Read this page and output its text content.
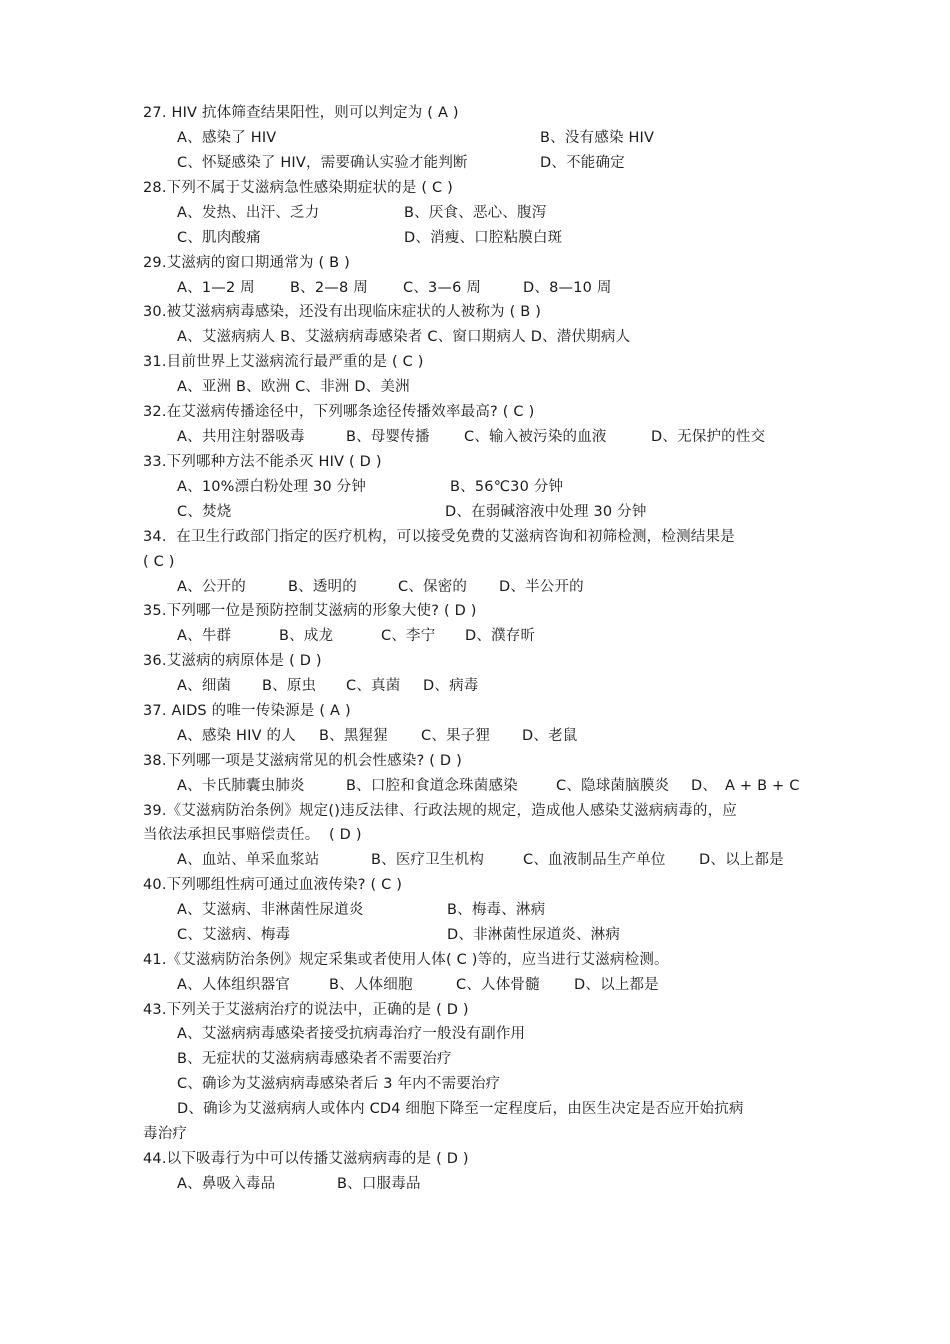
27. HIV 抗体筛查结果阳性，则可以判定为 ( A )
A、感染了 HIV	B、没有感染 HIV
C、怀疑感染了 HIV，需要确认实验才能判断	D、不能确定
28.下列不属于艾滋病急性感染期症状的是 ( C )
A、发热、出汗、乏力	B、厌食、恶心、腹泻
C、肌肉酸痛	D、消瘦、口腔粘膜白斑
29.艾滋病的窗口期通常为 ( B )
A、1—2 周 B、2—8 周 C、3—6 周	D、8—10 周
30.被艾滋病病毒感染，还没有出现临床症状的人被称为 ( B )
A、艾滋病病人 B、艾滋病病毒感染者 C、窗口期病人 D、潜伏期病人
31.目前世界上艾滋病流行最严重的是 ( C )
A、亚洲 B、欧洲 C、非洲 D、美洲
32.在艾滋病传播途径中，下列哪条途径传播效率最高? ( C )
A、共用注射器吸毒	B、母婴传播 C、输入被污染的血液	D、无保护的性交
33.下列哪种方法不能杀灭 HIV ( D )
A、10%漂白粉处理 30 分钟	B、56℃30 分钟
C、焚烧	D、在弱碱溶液中处理 30 分钟
34.  在卫生行政部门指定的医疗机构，可以接受免费的艾滋病咨询和初筛检测，检测结果是
( C )
A、公开的	B、透明的	C、保密的 D、半公开的
35.下列哪一位是预防控制艾滋病的形象大使? ( D )
A、牛群	B、成龙	C、李宁 D、濮存昕
36.艾滋病的病原体是 ( D )
A、细菌 B、原虫 C、真菌 D、病毒
37. AIDS 的唯一传染源是 ( A )
A、感染 HIV 的人 B、黑猩猩 C、果子狸 D、老鼠
38.下列哪一项是艾滋病常见的机会性感染? ( D )
A、卡氏肺囊虫肺炎	B、口腔和食道念珠菌感染	C、隐球菌脑膜炎 D、 A + B + C
39.《艾滋病防治条例》规定()违反法律、行政法规的规定，造成他人感染艾滋病病毒的，应
当依法承担民事赔偿责任。  ( D )
A、血站、单采血浆站	B、医疗卫生机构	C、血液制品生产单位 D、以上都是
40.下列哪组性病可通过血液传染? ( C )
A、艾滋病、非淋菌性尿道炎	B、梅毒、淋病
C、艾滋病、梅毒	D、非淋菌性尿道炎、淋病
41.《艾滋病防治条例》规定采集或者使用人体( C )等的，应当进行艾滋病检测。
A、人体组织器官	B、人体细胞	C、人体骨髓 D、以上都是
43.下列关于艾滋病治疗的说法中，正确的是 ( D )
A、艾滋病病毒感染者接受抗病毒治疗一般没有副作用
B、无症状的艾滋病病毒感染者不需要治疗
C、确诊为艾滋病病毒感染者后 3 年内不需要治疗
D、确诊为艾滋病病人或体内 CD4 细胞下降至一定程度后，由医生决定是否应开始抗病
毒治疗
44.以下吸毒行为中可以传播艾滋病病毒的是 ( D )
A、鼻吸入毒品	B、口服毒品
